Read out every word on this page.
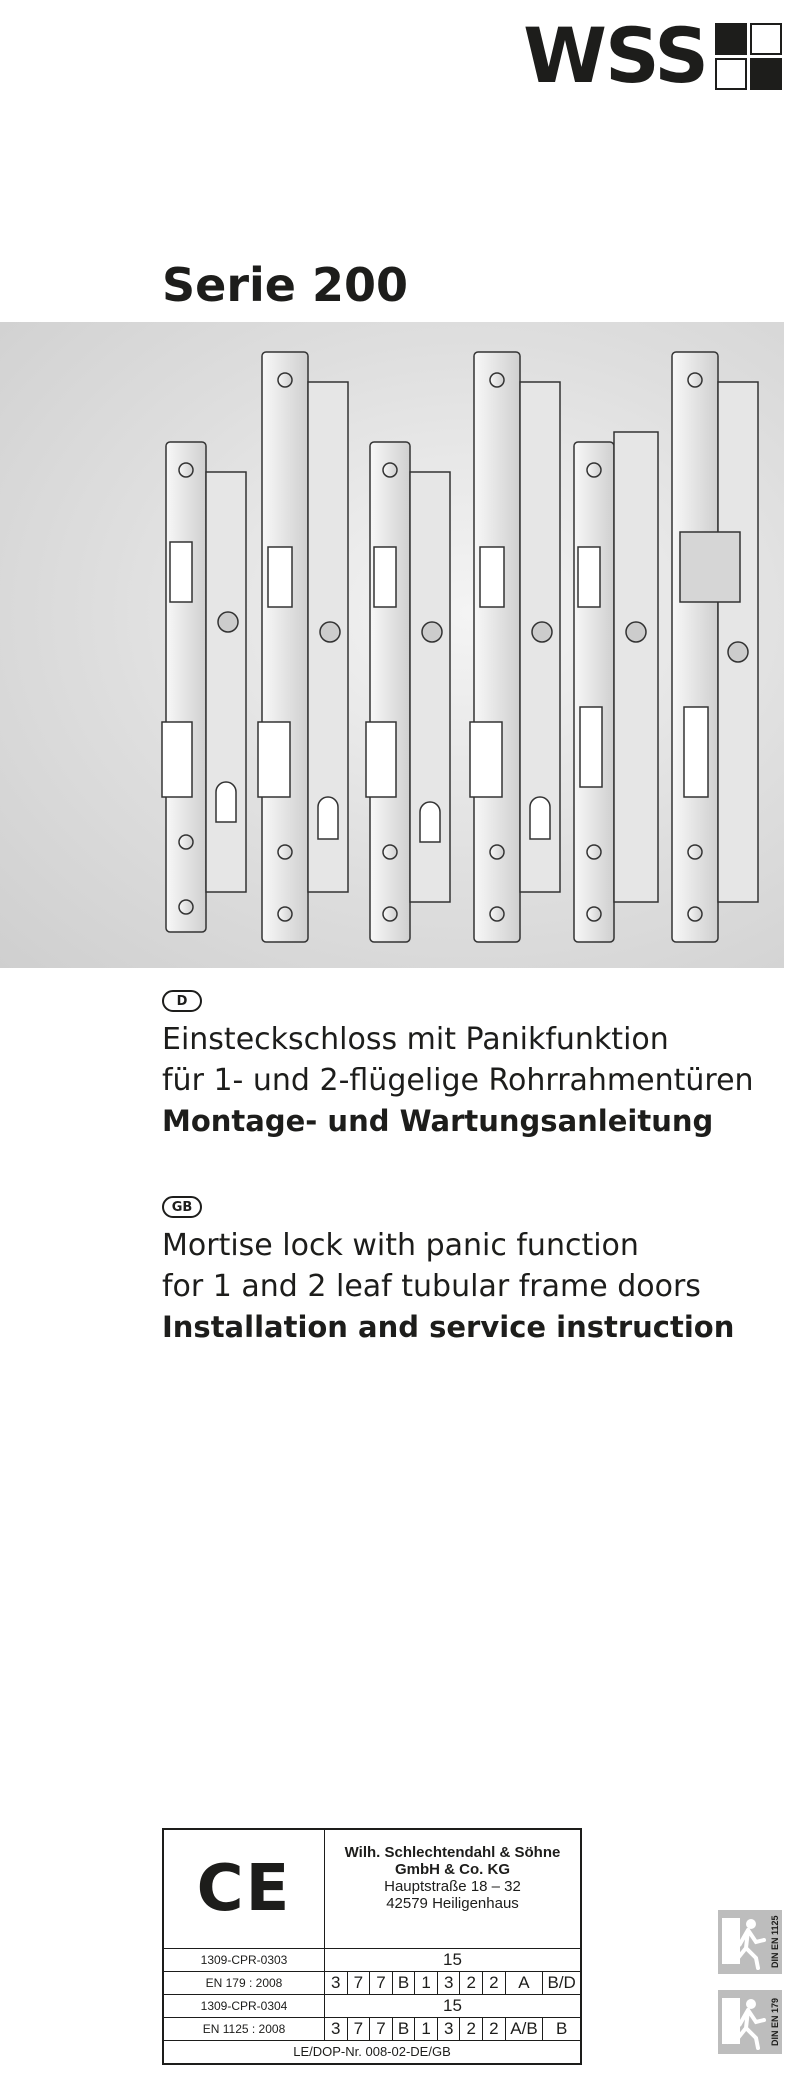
WSS
Serie 200
D
Einsteckschloss mit Panikfunktion
für 1- und 2-flügelige Rohrrahmentüren
Montage- und Wartungsanleitung
GB
Mortise lock with panic function
for 1 and 2 leaf tubular frame doors
Installation and service instruction
CE	Wilh. Schlechtendahl & Söhne
GmbH & Co. KG
Hauptstraße 18 – 32
42579 Heiligenhaus
1309-CPR-0303	15
EN 179 : 2008	3 7 7 B 1 3 2 2	A	B/D
1309-CPR-0304	15
EN 1125 : 2008	3 7 7 B 1 3 2 2 A/B	B
LE/DOP-Nr. 008-02-DE/GB
DIN EN 1125
DIN EN 179
